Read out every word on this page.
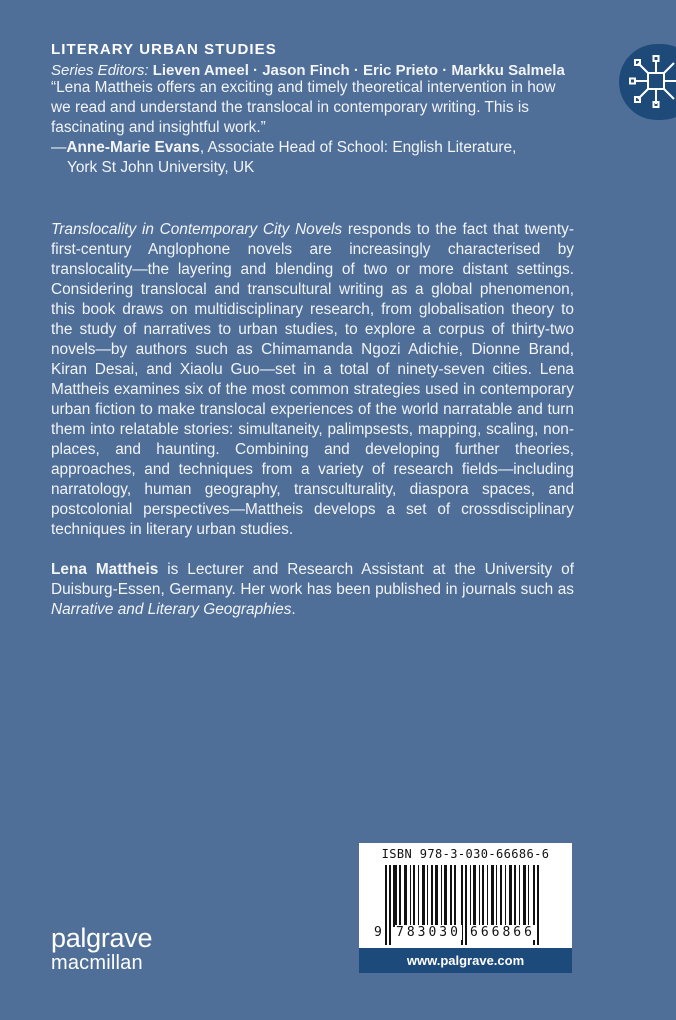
LITERARY URBAN STUDIES
Series Editors: Lieven Ameel · Jason Finch · Eric Prieto · Markku Salmela

“Lena Mattheis offers an exciting and timely theoretical intervention in how we read and understand the translocal in contemporary writing. This is fascinating and insightful work.”

—Anne-Marie Evans, Associate Head of School: English Literature,
York St John University, UK

Translocality in Contemporary City Novels responds to the fact that twenty-first-century Anglophone novels are increasingly characterised by translocality—the layering and blending of two or more distant settings. Considering translocal and transcultural writing as a global phenomenon, this book draws on multidisciplinary research, from globalisation theory to the study of narratives to urban studies, to explore a corpus of thirty-two novels—by authors such as Chimamanda Ngozi Adichie, Dionne Brand, Kiran Desai, and Xiaolu Guo—set in a total of ninety-seven cities. Lena Mattheis examines six of the most common strategies used in contemporary urban fiction to make translocal experiences of the world narratable and turn them into relatable stories: simultaneity, palimpsests, mapping, scaling, non-places, and haunting. Combining and developing further theories, approaches, and techniques from a variety of research fields—including narratology, human geography, transculturality, diaspora spaces, and postcolonial perspectives—Mattheis develops a set of crossdisciplinary techniques in literary urban studies.

Lena Mattheis is Lecturer and Research Assistant at the University of Duisburg-Essen, Germany. Her work has been published in journals such as Narrative and Literary Geographies.

ISBN 978-3-030-66686-6
9 783030 666866
www.palgrave.com
palgrave
macmillan
